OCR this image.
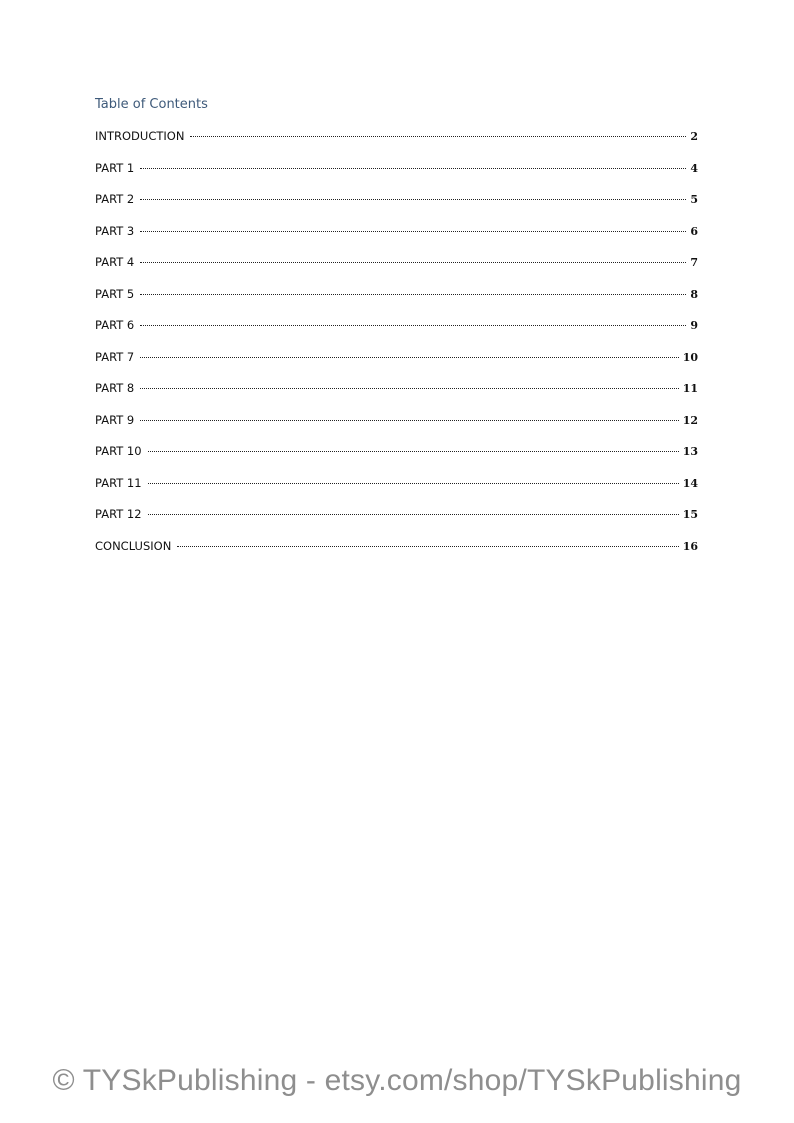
Table of Contents
INTRODUCTION	2
PART 1	4
PART 2	5
PART 3	6
PART 4	7
PART 5	8
PART 6	9
PART 7	10
PART 8	11
PART 9	12
PART 10	13
PART 11	14
PART 12	15
CONCLUSION	16
© TYSkPublishing - etsy.com/shop/TYSkPublishing
